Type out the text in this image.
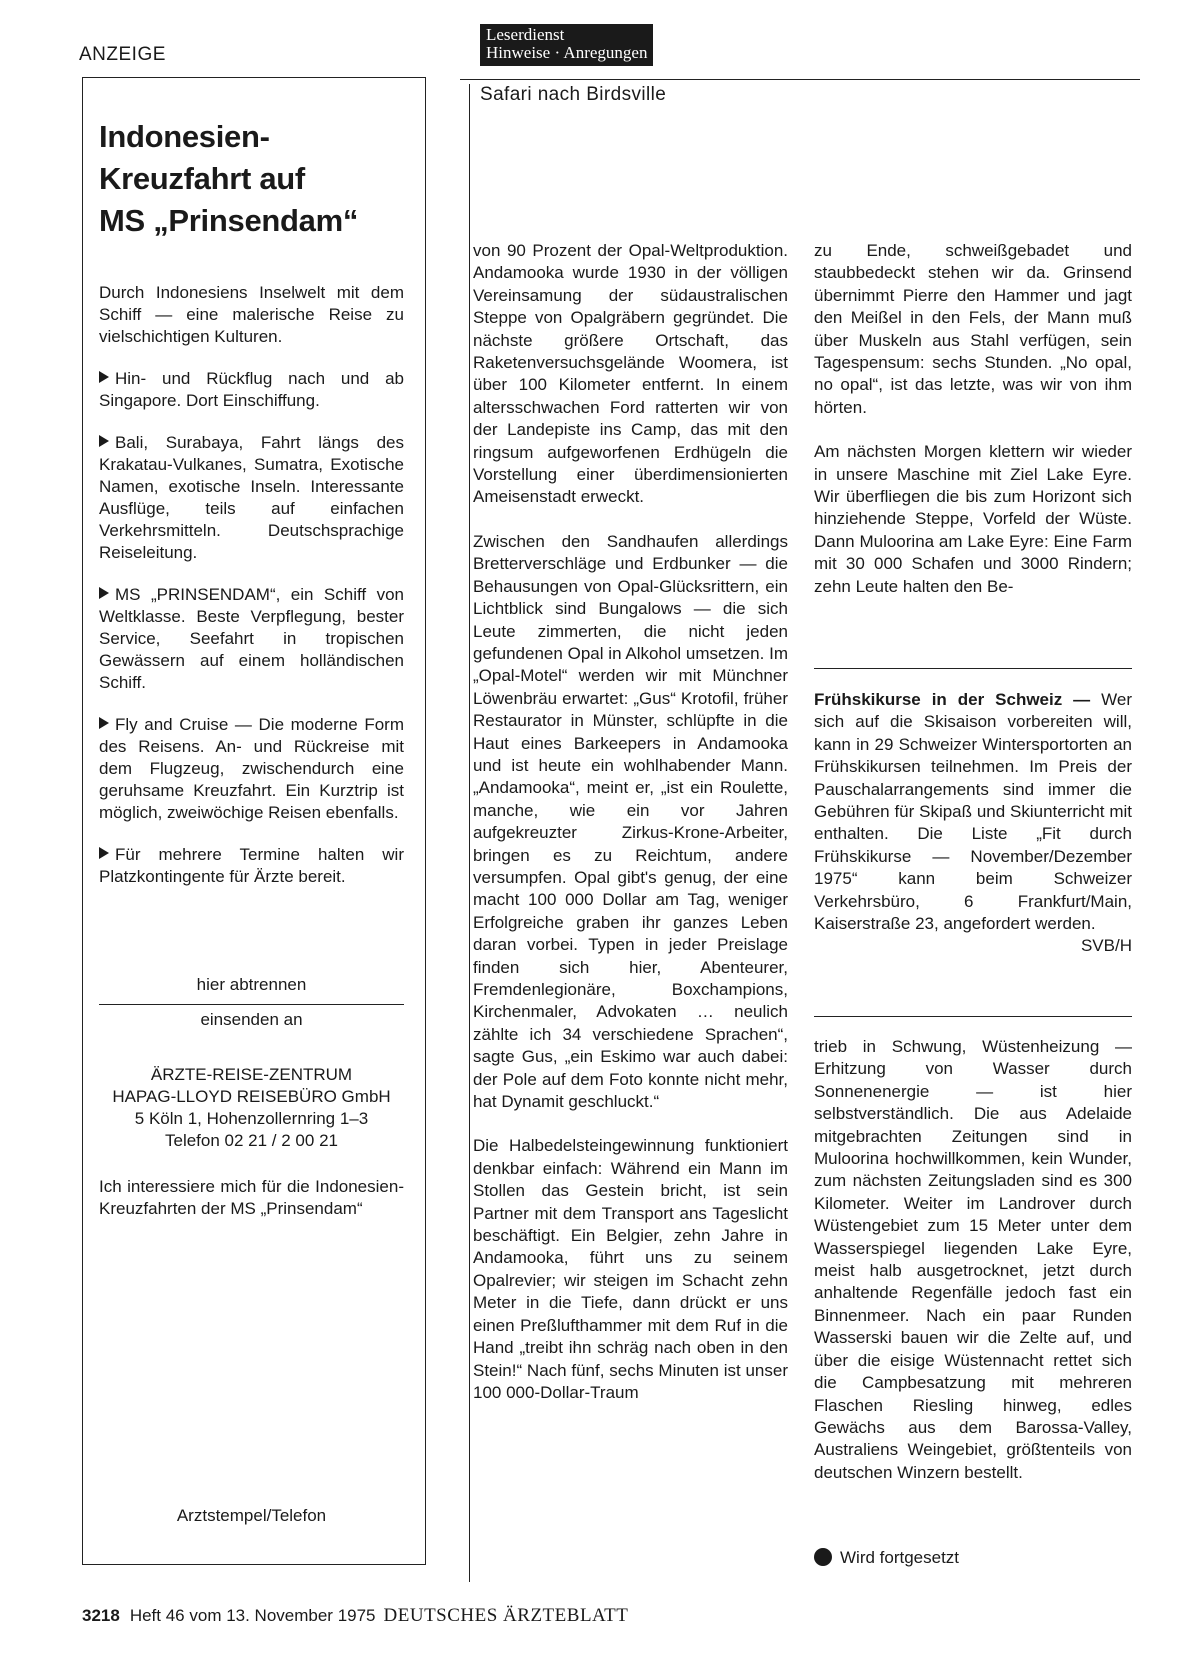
ANZEIGE
Indonesien-
Kreuzfahrt auf
MS „Prinsendam“

Durch Indonesiens Inselwelt mit dem Schiff — eine malerische Reise zu vielschichtigen Kulturen.

Hin- und Rückflug nach und ab Singapore. Dort Einschiffung.

Bali, Surabaya, Fahrt längs des Krakatau-Vulkanes, Sumatra, Exotische Namen, exotische Inseln. Interessante Ausflüge, teils auf einfachen Verkehrsmitteln. Deutschsprachige Reiseleitung.

MS „PRINSENDAM“, ein Schiff von Weltklasse. Beste Verpflegung, bester Service, Seefahrt in tropischen Gewässern auf einem holländischen Schiff.

Fly and Cruise — Die moderne Form des Reisens. An- und Rückreise mit dem Flugzeug, zwischendurch eine geruhsame Kreuzfahrt. Ein Kurztrip ist möglich, zweiwöchige Reisen ebenfalls.

Für mehrere Termine halten wir Platzkontingente für Ärzte bereit.

hier abtrennen
einsenden an
ÄRZTE-REISE-ZENTRUM
HAPAG-LLOYD REISEBÜRO GmbH
5 Köln 1, Hohenzollernring 1–3
Telefon 02 21 / 2 00 21

Ich interessiere mich für die Indonesien-Kreuzfahrten der MS „Prinsendam“

Arztstempel/Telefon
Leserdienst
Hinweise · Anregungen
Safari nach Birdsville

von 90 Prozent der Opal-Weltproduktion. Andamooka wurde 1930 in der völligen Vereinsamung der südaustralischen Steppe von Opalgräbern gegründet. Die nächste größere Ortschaft, das Raketenversuchsgelände Woomera, ist über 100 Kilometer entfernt. In einem altersschwachen Ford ratterten wir von der Landepiste ins Camp, das mit den ringsum aufgeworfenen Erdhügeln die Vorstellung einer überdimensionierten Ameisenstadt erweckt.

Zwischen den Sandhaufen allerdings Bretterverschläge und Erdbunker — die Behausungen von Opal-Glücksrittern, ein Lichtblick sind Bungalows — die sich Leute zimmerten, die nicht jeden gefundenen Opal in Alkohol umsetzen. Im „Opal-Motel“ werden wir mit Münchner Löwenbräu erwartet: „Gus“ Krotofil, früher Restaurator in Münster, schlüpfte in die Haut eines Barkeepers in Andamooka und ist heute ein wohlhabender Mann. „Andamooka“, meint er, „ist ein Roulette, manche, wie ein vor Jahren aufgekreuzter Zirkus-Krone-Arbeiter, bringen es zu Reichtum, andere versumpfen. Opal gibt's genug, der eine macht 100 000 Dollar am Tag, weniger Erfolgreiche graben ihr ganzes Leben daran vorbei. Typen in jeder Preislage finden sich hier, Abenteurer, Fremdenlegionäre, Boxchampions, Kirchenmaler, Advokaten … neulich zählte ich 34 verschiedene Sprachen“, sagte Gus, „ein Eskimo war auch dabei: der Pole auf dem Foto konnte nicht mehr, hat Dynamit geschluckt.“

Die Halbedelsteingewinnung funktioniert denkbar einfach: Während ein Mann im Stollen das Gestein bricht, ist sein Partner mit dem Transport ans Tageslicht beschäftigt. Ein Belgier, zehn Jahre in Andamooka, führt uns zu seinem Opalrevier; wir steigen im Schacht zehn Meter in die Tiefe, dann drückt er uns einen Preßlufthammer mit dem Ruf in die Hand „treibt ihn schräg nach oben in den Stein!“ Nach fünf, sechs Minuten ist unser 100 000-Dollar-Traum

zu Ende, schweißgebadet und staubbedeckt stehen wir da. Grinsend übernimmt Pierre den Hammer und jagt den Meißel in den Fels, der Mann muß über Muskeln aus Stahl verfügen, sein Tagespensum: sechs Stunden. „No opal, no opal“, ist das letzte, was wir von ihm hörten.

Am nächsten Morgen klettern wir wieder in unsere Maschine mit Ziel Lake Eyre. Wir überfliegen die bis zum Horizont sich hinziehende Steppe, Vorfeld der Wüste. Dann Muloorina am Lake Eyre: Eine Farm mit 30 000 Schafen und 3000 Rindern; zehn Leute halten den Be-

Frühskikurse in der Schweiz — Wer sich auf die Skisaison vorbereiten will, kann in 29 Schweizer Wintersportorten an Frühskikursen teilnehmen. Im Preis der Pauschalarrangements sind immer die Gebühren für Skipaß und Skiunterricht mit enthalten. Die Liste „Fit durch Frühskikurse — November/Dezember 1975“ kann beim Schweizer Verkehrsbüro, 6 Frankfurt/Main, Kaiserstraße 23, angefordert werden.
SVB/H

trieb in Schwung, Wüstenheizung — Erhitzung von Wasser durch Sonnenenergie — ist hier selbstverständlich. Die aus Adelaide mitgebrachten Zeitungen sind in Muloorina hochwillkommen, kein Wunder, zum nächsten Zeitungsladen sind es 300 Kilometer. Weiter im Landrover durch Wüstengebiet zum 15 Meter unter dem Wasserspiegel liegenden Lake Eyre, meist halb ausgetrocknet, jetzt durch anhaltende Regenfälle jedoch fast ein Binnenmeer. Nach ein paar Runden Wasserski bauen wir die Zelte auf, und über die eisige Wüstennacht rettet sich die Campbesatzung mit mehreren Flaschen Riesling hinweg, edles Gewächs aus dem Barossa-Valley, Australiens Weingebiet, größtenteils von deutschen Winzern bestellt.

Wird fortgesetzt
3218 Heft 46 vom 13. November 1975 DEUTSCHES ÄRZTEBLATT
